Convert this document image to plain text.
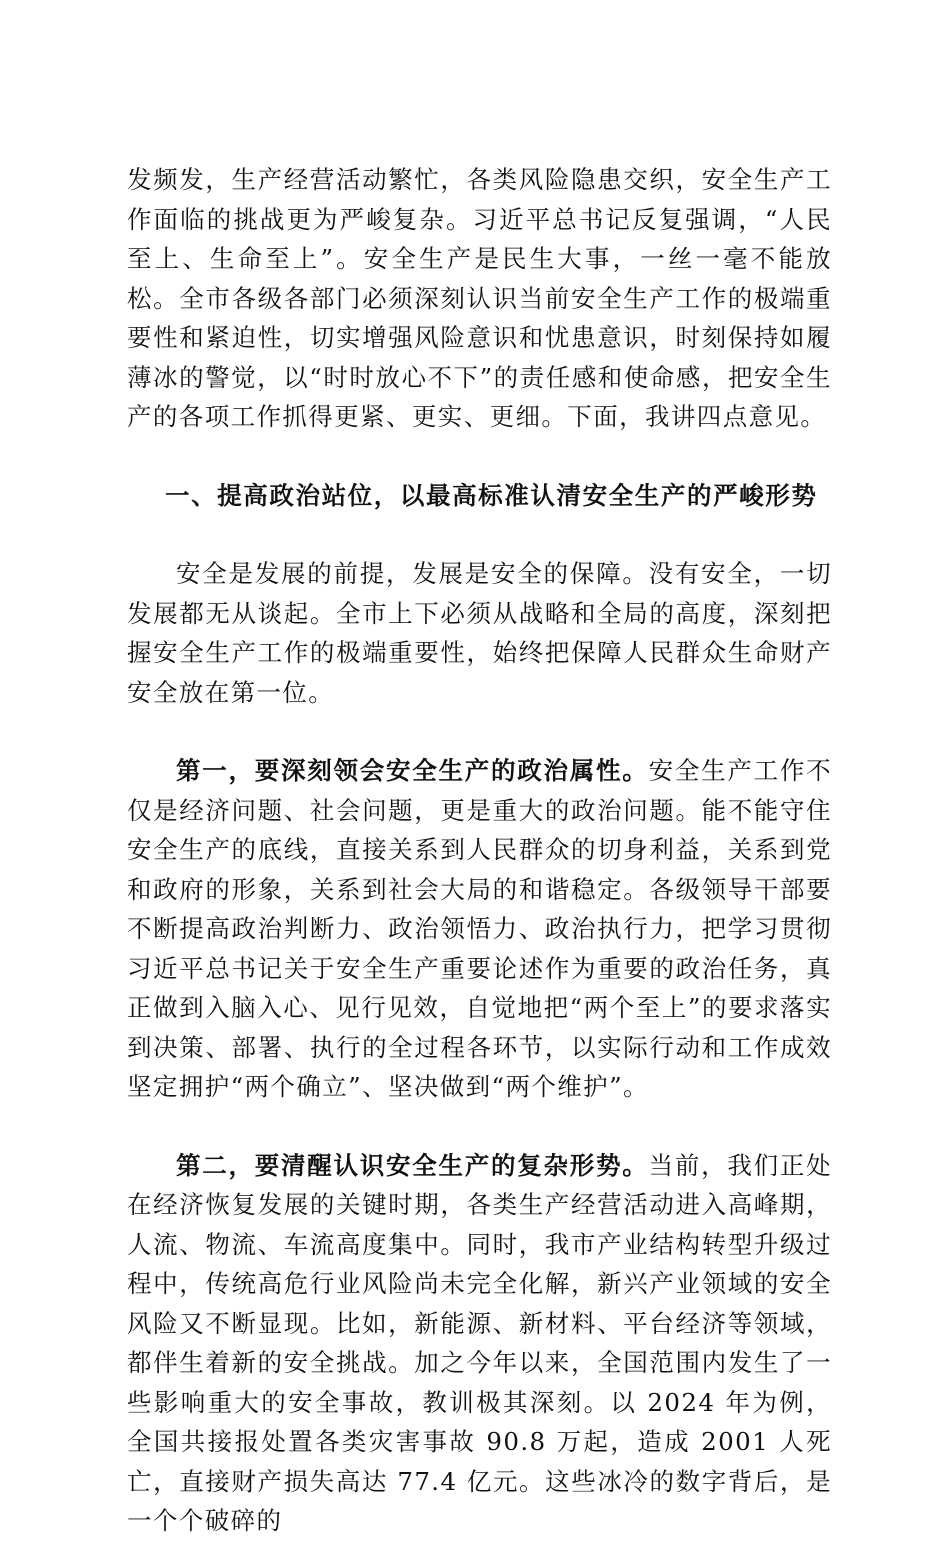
发频发，生产经营活动繁忙，各类风险隐患交织，安全生产工作面临的挑战更为严峻复杂。习近平总书记反复强调，“人民至上、生命至上”。安全生产是民生大事，一丝一毫不能放松。全市各级各部门必须深刻认识当前安全生产工作的极端重要性和紧迫性，切实增强风险意识和忧患意识，时刻保持如履薄冰的警觉，以“时时放心不下”的责任感和使命感，把安全生产的各项工作抓得更紧、更实、更细。下面，我讲四点意见。

一、提高政治站位，以最高标准认清安全生产的严峻形势

安全是发展的前提，发展是安全的保障。没有安全，一切发展都无从谈起。全市上下必须从战略和全局的高度，深刻把握安全生产工作的极端重要性，始终把保障人民群众生命财产安全放在第一位。

第一，要深刻领会安全生产的政治属性。安全生产工作不仅是经济问题、社会问题，更是重大的政治问题。能不能守住安全生产的底线，直接关系到人民群众的切身利益，关系到党和政府的形象，关系到社会大局的和谐稳定。各级领导干部要不断提高政治判断力、政治领悟力、政治执行力，把学习贯彻习近平总书记关于安全生产重要论述作为重要的政治任务，真正做到入脑入心、见行见效，自觉地把“两个至上”的要求落实到决策、部署、执行的全过程各环节，以实际行动和工作成效坚定拥护“两个确立”、坚决做到“两个维护”。

第二，要清醒认识安全生产的复杂形势。当前，我们正处在经济恢复发展的关键时期，各类生产经营活动进入高峰期，人流、物流、车流高度集中。同时，我市产业结构转型升级过程中，传统高危行业风险尚未完全化解，新兴产业领域的安全风险又不断显现。比如，新能源、新材料、平台经济等领域，都伴生着新的安全挑战。加之今年以来，全国范围内发生了一些影响重大的安全事故，教训极其深刻。以 2024 年为例，全国共接报处置各类灾害事故 90.8 万起，造成 2001 人死亡，直接财产损失高达 77.4 亿元。这些冰冷的数字背后，是一个个破碎的
